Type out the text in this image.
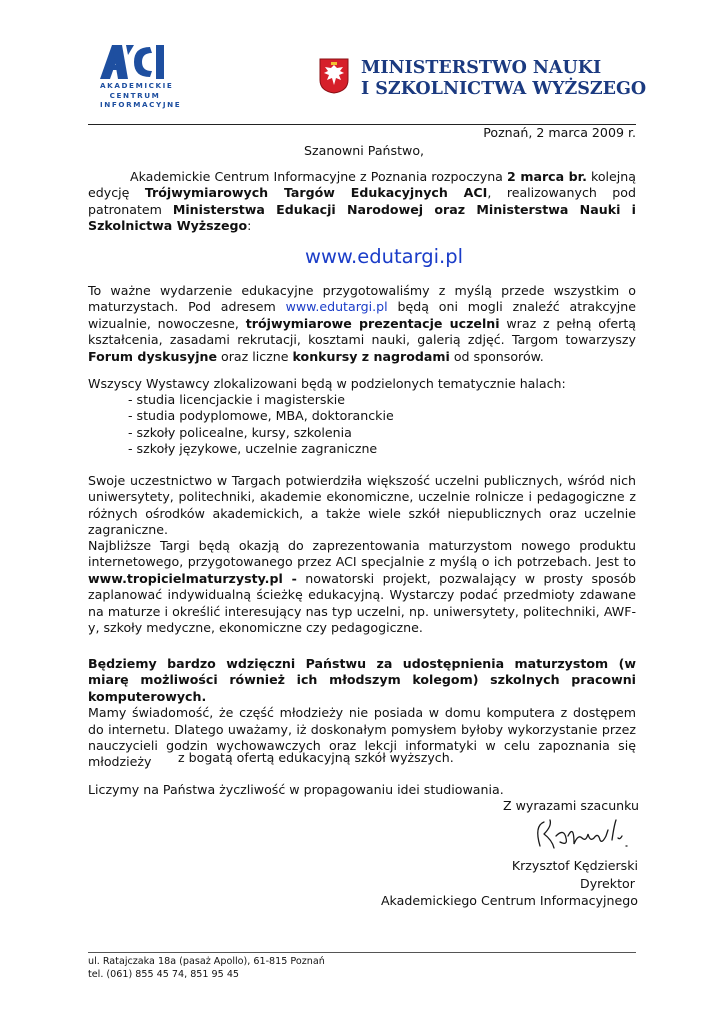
AKADEMICKIE
CENTRUM
INFORMACYJNE
MINISTERSTWO NAUKI
I SZKOLNICTWA WYŻSZEGO
Poznań, 2 marca 2009 r.
Szanowni Państwo,
Akademickie Centrum Informacyjne z Poznania rozpoczyna 2 marca br. kolejną edycję Trójwymiarowych Targów Edukacyjnych ACI, realizowanych pod patronatem Ministerstwa Edukacji Narodowej oraz Ministerstwa Nauki i Szkolnictwa Wyższego:
www.edutargi.pl
To ważne wydarzenie edukacyjne przygotowaliśmy z myślą przede wszystkim o maturzystach. Pod adresem www.edutargi.pl będą oni mogli znaleźć atrakcyjne wizualnie, nowoczesne, trójwymiarowe prezentacje uczelni wraz z pełną ofertą kształcenia, zasadami rekrutacji, kosztami nauki, galerią zdjęć. Targom towarzyszy Forum dyskusyjne oraz liczne konkursy z nagrodami od sponsorów.
Wszyscy Wystawcy zlokalizowani będą w podzielonych tematycznie halach:
- studia licencjackie i magisterskie
- studia podyplomowe, MBA, doktoranckie
- szkoły policealne, kursy, szkolenia
- szkoły językowe, uczelnie zagraniczne
Swoje uczestnictwo w Targach potwierdziła większość uczelni publicznych, wśród nich uniwersytety, politechniki, akademie ekonomiczne, uczelnie rolnicze i pedagogiczne z różnych ośrodków akademickich, a także wiele szkół niepublicznych oraz uczelnie zagraniczne.
Najbliższe Targi będą okazją do zaprezentowania maturzystom nowego produktu internetowego, przygotowanego przez ACI specjalnie z myślą o ich potrzebach. Jest to www.tropicielmaturzysty.pl - nowatorski projekt, pozwalający w prosty sposób zaplanować indywidualną ścieżkę edukacyjną. Wystarczy podać przedmioty zdawane na maturze i określić interesujący nas typ uczelni, np. uniwersytety, politechniki, AWF-y, szkoły medyczne, ekonomiczne czy pedagogiczne.
Będziemy bardzo wdzięczni Państwu za udostępnienia maturzystom (w miarę możliwości również ich młodszym kolegom) szkolnych pracowni komputerowych.
Mamy świadomość, że część młodzieży nie posiada w domu komputera z dostępem do internetu. Dlatego uważamy, iż doskonałym pomysłem byłoby wykorzystanie przez nauczycieli godzin wychowawczych oraz lekcji informatyki w celu zapoznania się młodzieży	z bogatą ofertą edukacyjną szkół wyższych.
Liczymy na Państwa życzliwość w propagowaniu idei studiowania.
Z wyrazami szacunku
Krzysztof Kędzierski
Dyrektor
Akademickiego Centrum Informacyjnego
ul. Ratajczaka 18a (pasaż Apollo), 61-815 Poznań
tel. (061) 855 45 74, 851 95 45
